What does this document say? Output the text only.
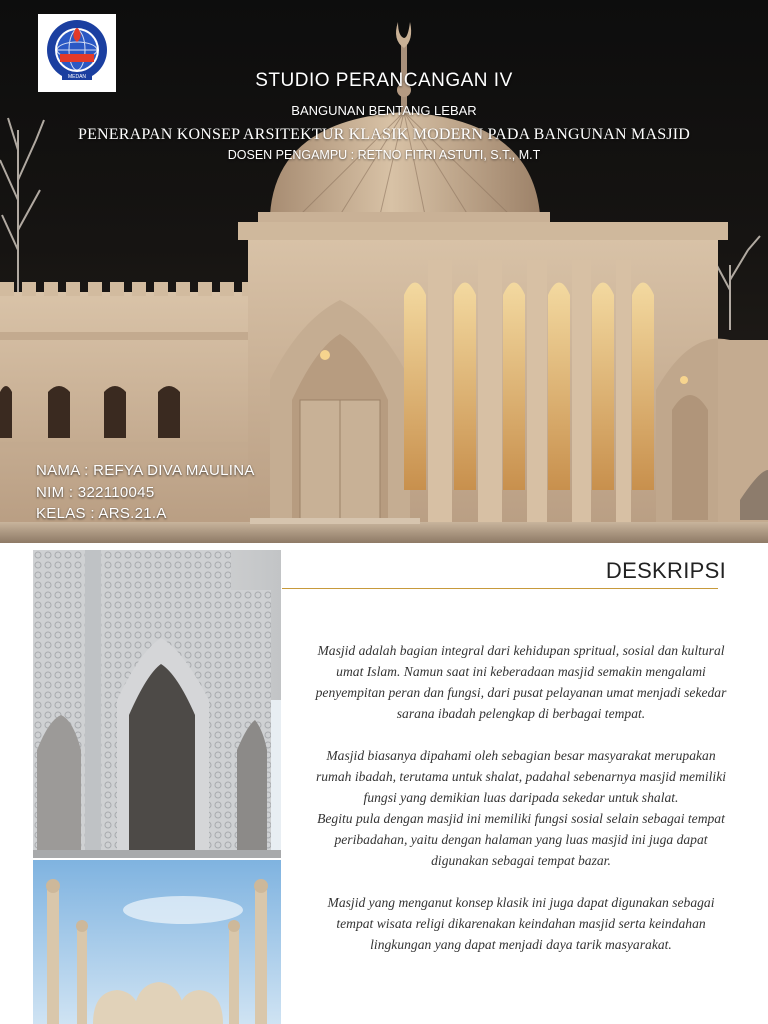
MEDAN	STUDIO PERANCANGAN IV
BANGUNAN BENTANG LEBAR
PENERAPAN KONSEP ARSITEKTUR KLASIK MODERN PADA BANGUNAN MASJID
DOSEN PENGAMPU : RETNO FITRI ASTUTI, S.T., M.T
NAMA : REFYA DIVA MAULINA
NIM : 322110045
KELAS : ARS.21.A
DESKRIPSI

Masjid adalah bagian integral dari kehidupan spritual, sosial dan kultural umat Islam. Namun saat ini keberadaan masjid semakin mengalami penyempitan peran dan fungsi, dari pusat pelayanan umat menjadi sekedar sarana ibadah pelengkap di berbagai tempat.

Masjid biasanya dipahami oleh sebagian besar masyarakat merupakan rumah ibadah, terutama untuk shalat, padahal sebenarnya masjid memiliki fungsi yang demikian luas daripada sekedar untuk shalat.

Begitu pula dengan masjid ini memiliki fungsi sosial selain sebagai tempat peribadahan, yaitu dengan halaman yang luas masjid ini juga dapat digunakan sebagai tempat bazar.

Masjid yang menganut konsep klasik ini juga dapat digunakan sebagai tempat wisata religi dikarenakan keindahan masjid serta keindahan lingkungan yang dapat menjadi daya tarik masyarakat.
